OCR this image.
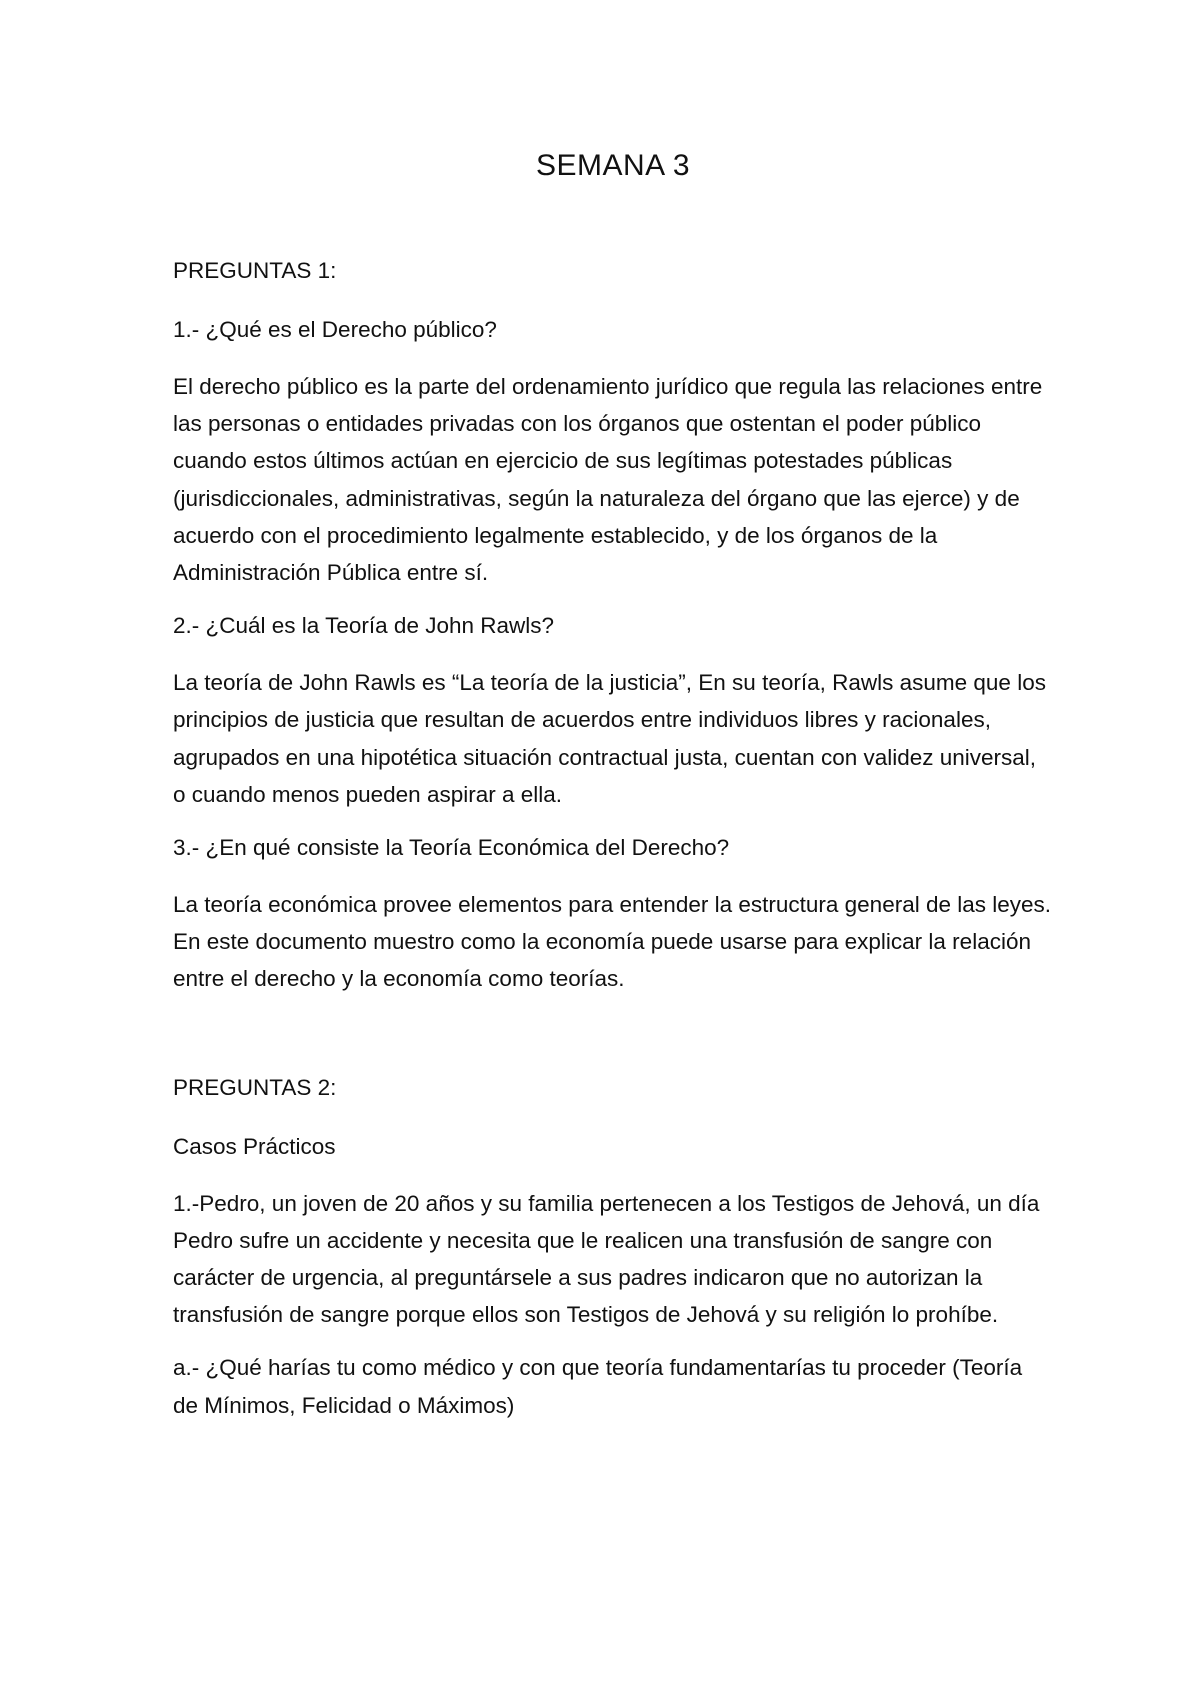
SEMANA 3
PREGUNTAS 1:
1.- ¿Qué es el Derecho público?
El derecho público es la parte del ordenamiento jurídico que regula las relaciones entre las personas o entidades privadas con los órganos que ostentan el poder público cuando estos últimos actúan en ejercicio de sus legítimas potestades públicas (jurisdiccionales, administrativas, según la naturaleza del órgano que las ejerce) y de acuerdo con el procedimiento legalmente establecido, y de los órganos de la Administración Pública entre sí.
2.- ¿Cuál es la Teoría de John Rawls?
La teoría de John Rawls es “La teoría de la justicia”, En su teoría, Rawls asume que los principios de justicia que resultan de acuerdos entre individuos libres y racionales, agrupados en una hipotética situación contractual justa, cuentan con validez universal, o cuando menos pueden aspirar a ella.
3.- ¿En qué consiste la Teoría Económica del Derecho?
La teoría económica provee elementos para entender la estructura general de las leyes. En este documento muestro como la economía puede usarse para explicar la relación entre el derecho y la economía como teorías.
PREGUNTAS 2:
Casos Prácticos
1.-Pedro, un joven de 20 años y su familia pertenecen a los Testigos de Jehová, un día Pedro sufre un accidente y necesita que le realicen una transfusión de sangre con carácter de urgencia, al preguntársele a sus padres indicaron que no autorizan la transfusión de sangre porque ellos son Testigos de Jehová y su religión lo prohíbe.
a.- ¿Qué harías tu como médico y con que teoría fundamentarías tu proceder (Teoría de Mínimos, Felicidad o Máximos)
